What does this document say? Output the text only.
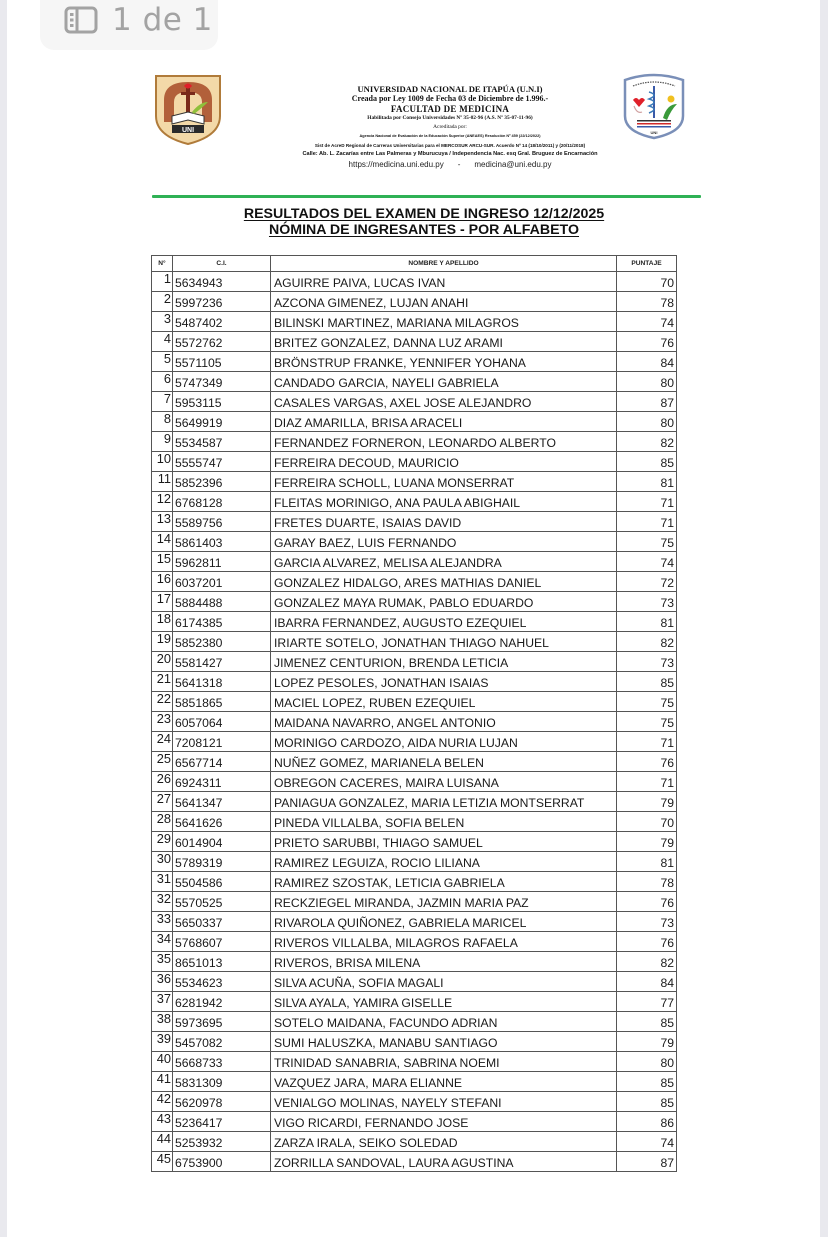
1 de 1
UNI
UNIVERSIDAD NACIONAL DE ITAPÚA (U.N.I)
Creada por Ley 1009 de Fecha 03 de Diciembre de 1.996.-
FACULTAD DE MEDICINA
Habilitada por Consejo Universidades Nº 35-02-96 (A.S. Nº 35-07-11-96)
Acreditada por:
Agencia Nacional de Evaluación de la Educación Superior (ANEAES) Resolución Nº 459 (22/12/2022)
Sist de AcreD Regional de Carreras Universitarias para el MERCOSUR ARCU-SUR. Acuerdo Nº 14 (18/10/2011) y (20/11/2018)
Calle: Ab. L. Zacarías entre Las Palmeras y Mburucuya / Independencia Nac. esq Gral. Bruguez de Encarnación
https://medicina.uni.edu.py - medicina@uni.edu.py
UNI
RESULTADOS DEL EXAMEN DE INGRESO 12/12/2025
NÓMINA DE INGRESANTES - POR ALFABETO
N°	C.I.	NOMBRE Y APELLIDO	PUNTAJE
1	5634943	AGUIRRE PAIVA, LUCAS IVAN	70
2	5997236	AZCONA GIMENEZ, LUJAN ANAHI	78
3	5487402	BILINSKI MARTINEZ, MARIANA MILAGROS	74
4	5572762	BRITEZ GONZALEZ, DANNA LUZ ARAMI	76
5	5571105	BRÖNSTRUP FRANKE, YENNIFER YOHANA	84
6	5747349	CANDADO GARCIA, NAYELI GABRIELA	80
7	5953115	CASALES VARGAS, AXEL JOSE ALEJANDRO	87
8	5649919	DIAZ AMARILLA, BRISA ARACELI	80
9	5534587	FERNANDEZ FORNERON, LEONARDO ALBERTO	82
10	5555747	FERREIRA DECOUD, MAURICIO	85
11	5852396	FERREIRA SCHOLL, LUANA MONSERRAT	81
12	6768128	FLEITAS MORINIGO, ANA PAULA ABIGHAIL	71
13	5589756	FRETES DUARTE, ISAIAS DAVID	71
14	5861403	GARAY BAEZ, LUIS FERNANDO	75
15	5962811	GARCIA ALVAREZ, MELISA ALEJANDRA	74
16	6037201	GONZALEZ HIDALGO, ARES MATHIAS DANIEL	72
17	5884488	GONZALEZ MAYA RUMAK, PABLO EDUARDO	73
18	6174385	IBARRA FERNANDEZ, AUGUSTO EZEQUIEL	81
19	5852380	IRIARTE SOTELO, JONATHAN THIAGO NAHUEL	82
20	5581427	JIMENEZ CENTURION, BRENDA LETICIA	73
21	5641318	LOPEZ PESOLES, JONATHAN ISAIAS	85
22	5851865	MACIEL LOPEZ, RUBEN EZEQUIEL	75
23	6057064	MAIDANA NAVARRO, ANGEL ANTONIO	75
24	7208121	MORINIGO CARDOZO, AIDA NURIA LUJAN	71
25	6567714	NUÑEZ GOMEZ, MARIANELA BELEN	76
26	6924311	OBREGON CACERES, MAIRA LUISANA	71
27	5641347	PANIAGUA GONZALEZ, MARIA LETIZIA MONTSERRAT	79
28	5641626	PINEDA VILLALBA, SOFIA BELEN	70
29	6014904	PRIETO SARUBBI, THIAGO SAMUEL	79
30	5789319	RAMIREZ LEGUIZA, ROCIO LILIANA	81
31	5504586	RAMIREZ SZOSTAK, LETICIA GABRIELA	78
32	5570525	RECKZIEGEL MIRANDA, JAZMIN MARIA PAZ	76
33	5650337	RIVAROLA QUIÑONEZ, GABRIELA MARICEL	73
34	5768607	RIVEROS VILLALBA, MILAGROS RAFAELA	76
35	8651013	RIVEROS, BRISA MILENA	82
36	5534623	SILVA ACUÑA, SOFIA MAGALI	84
37	6281942	SILVA AYALA, YAMIRA GISELLE	77
38	5973695	SOTELO MAIDANA, FACUNDO ADRIAN	85
39	5457082	SUMI HALUSZKA, MANABU SANTIAGO	79
40	5668733	TRINIDAD SANABRIA, SABRINA NOEMI	80
41	5831309	VAZQUEZ JARA, MARA ELIANNE	85
42	5620978	VENIALGO MOLINAS, NAYELY STEFANI	85
43	5236417	VIGO RICARDI, FERNANDO JOSE	86
44	5253932	ZARZA IRALA, SEIKO SOLEDAD	74
45	6753900	ZORRILLA SANDOVAL, LAURA AGUSTINA	87
